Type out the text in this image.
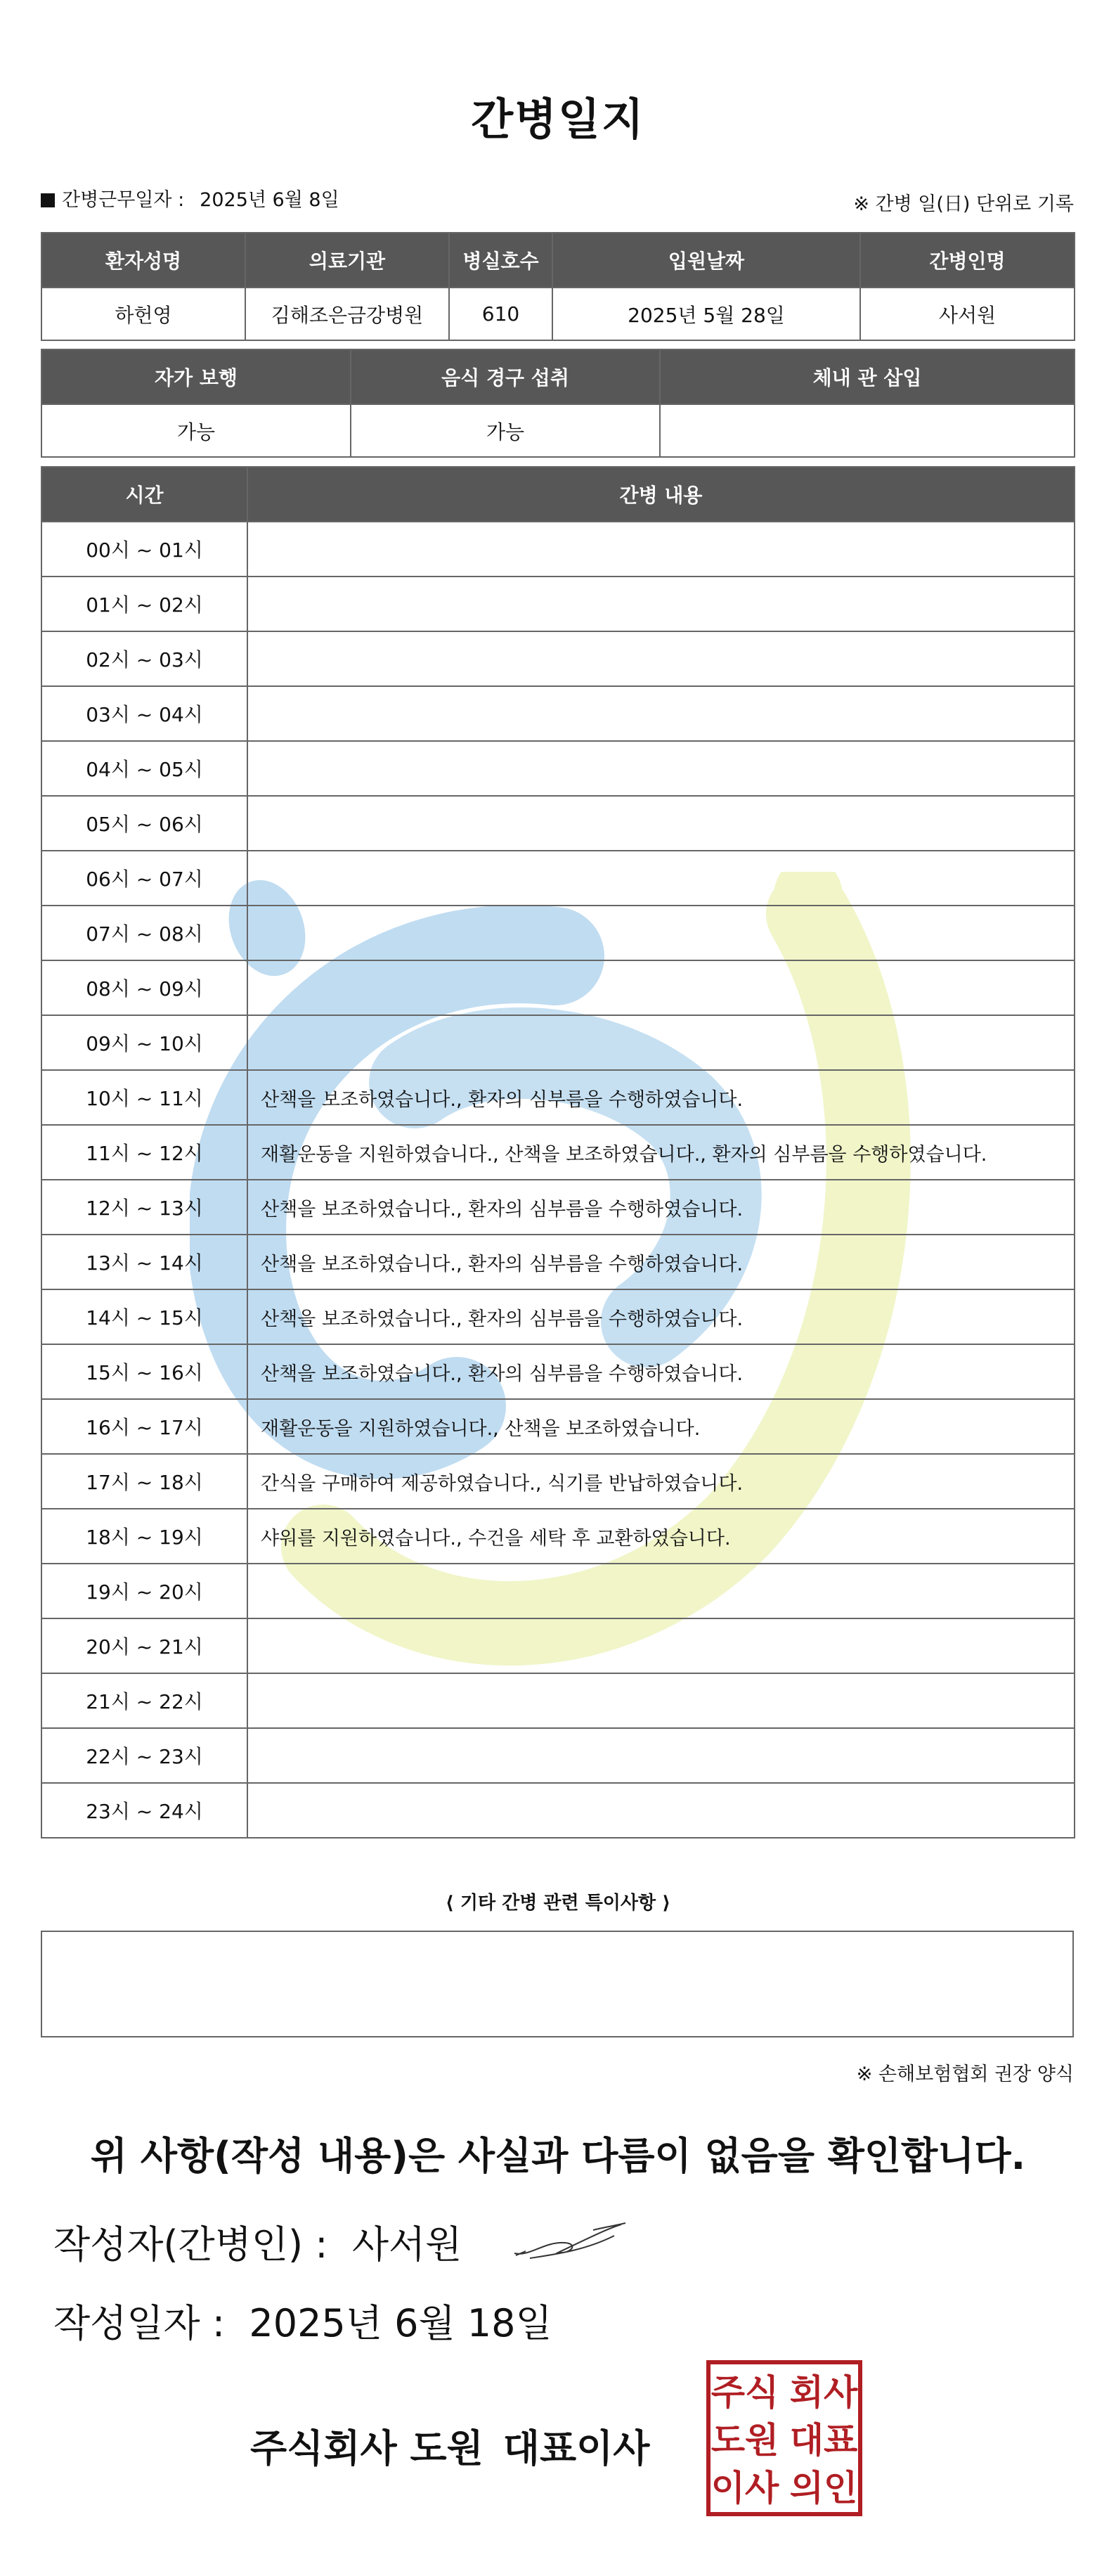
간병일지
간병근무일자 : 2025년 6월 8일	※ 간병 일(日) 단위로 기록
환자성명	의료기관	병실호수	입원날짜	간병인명
하헌영	김해조은금강병원	610	2025년 5월 28일	사서원
자가 보행	음식 경구 섭취	체내 관 삽입
가능	가능	
시간	간병 내용
00시 ~ 01시	
01시 ~ 02시	
02시 ~ 03시	
03시 ~ 04시	
04시 ~ 05시	
05시 ~ 06시	
06시 ~ 07시	
07시 ~ 08시	
08시 ~ 09시	
09시 ~ 10시	
10시 ~ 11시	산책을 보조하였습니다., 환자의 심부름을 수행하였습니다.
11시 ~ 12시	재활운동을 지원하였습니다., 산책을 보조하였습니다., 환자의 심부름을 수행하였습니다.
12시 ~ 13시	산책을 보조하였습니다., 환자의 심부름을 수행하였습니다.
13시 ~ 14시	산책을 보조하였습니다., 환자의 심부름을 수행하였습니다.
14시 ~ 15시	산책을 보조하였습니다., 환자의 심부름을 수행하였습니다.
15시 ~ 16시	산책을 보조하였습니다., 환자의 심부름을 수행하였습니다.
16시 ~ 17시	재활운동을 지원하였습니다., 산책을 보조하였습니다.
17시 ~ 18시	간식을 구매하여 제공하였습니다., 식기를 반납하였습니다.
18시 ~ 19시	샤워를 지원하였습니다., 수건을 세탁 후 교환하였습니다.
19시 ~ 20시	
20시 ~ 21시	
21시 ~ 22시	
22시 ~ 23시	
23시 ~ 24시	
⟨ 기타 간병 관련 특이사항 ⟩
※ 손해보험협회 권장 양식
위 사항(작성 내용)은 사실과 다름이 없음을 확인합니다.
작성자(간병인) : 사서원
작성일자 : 2025년 6월 18일
주식회사 도원 대표이사
주식 회사
도원 대표
이사 의인
